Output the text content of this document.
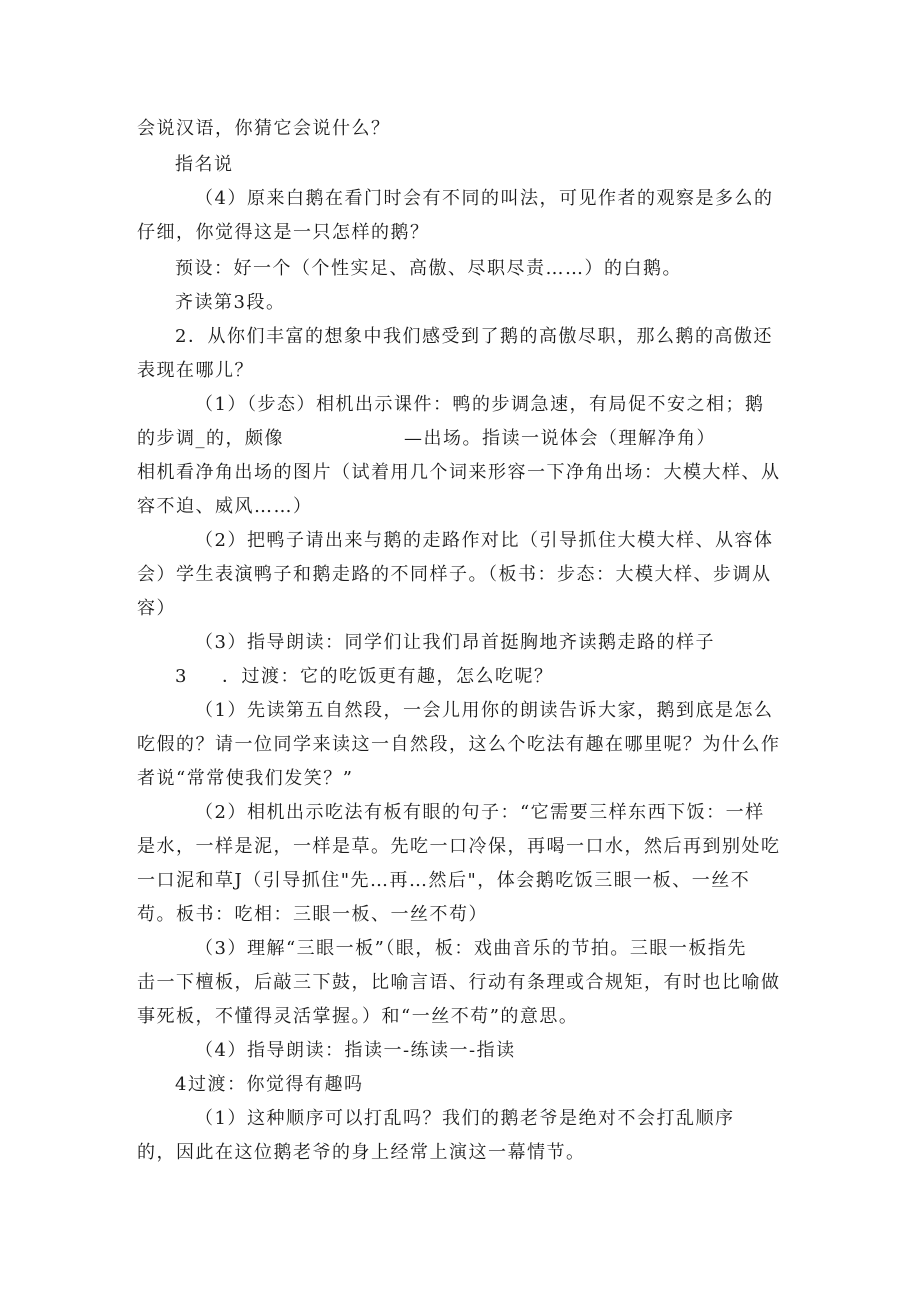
会说汉语，你猜它会说什么？
指名说
（4）原来白鹅在看门时会有不同的叫法，可见作者的观察是多么的
仔细，你觉得这是一只怎样的鹅？
预设：好一个（个性实足、高傲、尽职尽责……）的白鹅。
齐读第3段。
2．从你们丰富的想象中我们感受到了鹅的高傲尽职，那么鹅的高傲还
表现在哪儿？
（1）（步态）相机出示课件：鸭的步调急速，有局促不安之相；鹅
的步调_的，颇像	—出场。指读一说体会（理解净角）
相机看净角出场的图片（试着用几个词来形容一下净角出场：大模大样、从
容不迫、威风……）
（2）把鸭子请出来与鹅的走路作对比（引导抓住大模大样、从容体
会）学生表演鸭子和鹅走路的不同样子。（板书：步态：大模大样、步调从
容）
（3）指导朗读：同学们让我们昂首挺胸地齐读鹅走路的样子
3 ．过渡：它的吃饭更有趣，怎么吃呢？
（1）先读第五自然段，一会儿用你的朗读告诉大家，鹅到底是怎么
吃假的？请一位同学来读这一自然段，这么个吃法有趣在哪里呢？为什么作
者说“常常使我们发笑？”
（2）相机出示吃法有板有眼的句子：“它需要三样东西下饭：一样
是水，一样是泥，一样是草。先吃一口冷保，再喝一口水，然后再到别处吃
一口泥和草J（引导抓住"先…再…然后"，体会鹅吃饭三眼一板、一丝不
苟。板书：吃相：三眼一板、一丝不苟）
（3）理解“三眼一板”（眼，板：戏曲音乐的节拍。三眼一板指先
击一下檀板，后敲三下鼓，比喻言语、行动有条理或合规矩，有时也比喻做
事死板，不懂得灵活掌握。）和“一丝不苟”的意思。
（4）指导朗读：指读一-练读一-指读
4过渡：你觉得有趣吗
（1）这种顺序可以打乱吗？我们的鹅老爷是绝对不会打乱顺序
的，因此在这位鹅老爷的身上经常上演这一幕情节。
